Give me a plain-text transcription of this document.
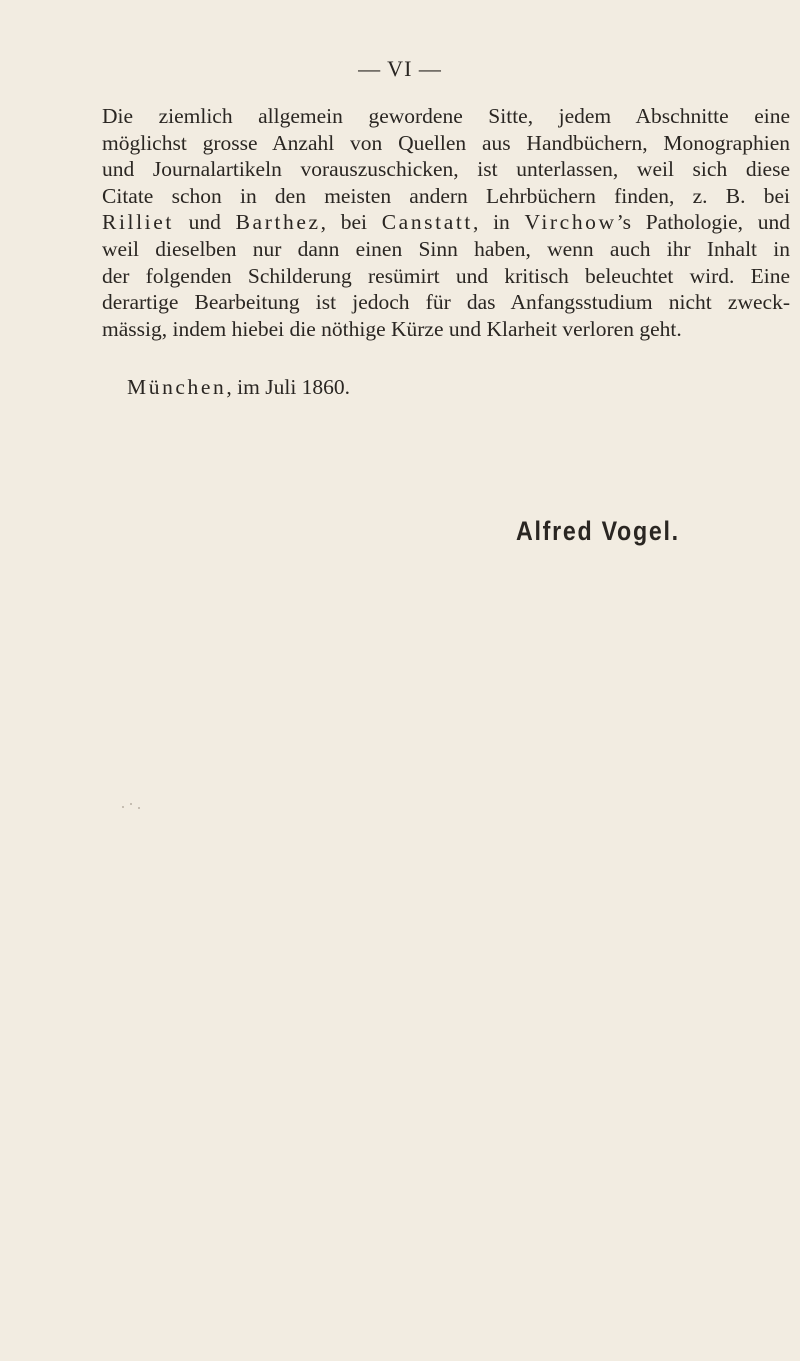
— VI —
Die ziemlich allgemein gewordene Sitte, jedem Abschnitte eine
möglichst grosse Anzahl von Quellen aus Handbüchern, Monographien
und Journalartikeln vorauszuschicken, ist unterlassen, weil sich diese
Citate schon in den meisten andern Lehrbüchern finden, z. B. bei
Rilliet und Barthez, bei Canstatt, in Virchow’s Pathologie, und
weil dieselben nur dann einen Sinn haben, wenn auch ihr Inhalt in
der folgenden Schilderung resümirt und kritisch beleuchtet wird. Eine
derartige Bearbeitung ist jedoch für das Anfangsstudium nicht zweck-
mässig, indem hiebei die nöthige Kürze und Klarheit verloren geht.
München, im Juli 1860.
Alfred Vogel.
